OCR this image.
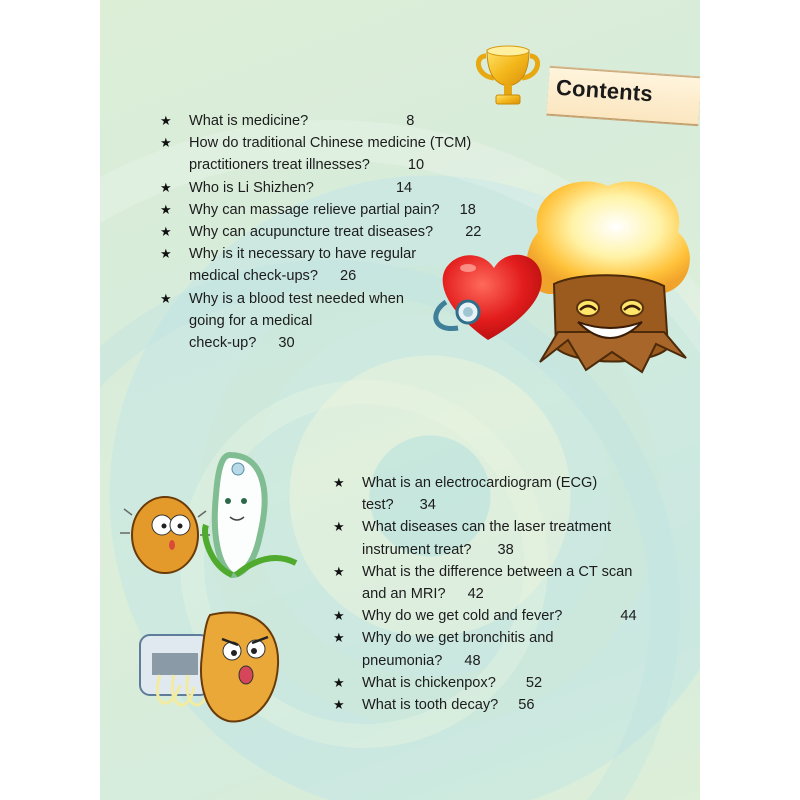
Contents
★ What is medicine?	8
★ How do traditional Chinese medicine (TCM)
practitioners treat illnesses?	10
★ Who is Li Shizhen?	14
★ Why can massage relieve partial pain? 18
★ Why can acupuncture treat diseases? 22
★ Why is it necessary to have regular
medical check-ups? 26
★ Why is a blood test needed when
going for a medical
check-up? 30
★ What is an electrocardiogram (ECG)
test? 34
★ What diseases can the laser treatment
instrument treat? 38
★ What is the difference between a CT scan
and an MRI? 42
★ Why do we get cold and fever?	44
★ Why do we get bronchitis and
pneumonia? 48
★ What is chickenpox? 52
★ What is tooth decay? 56
